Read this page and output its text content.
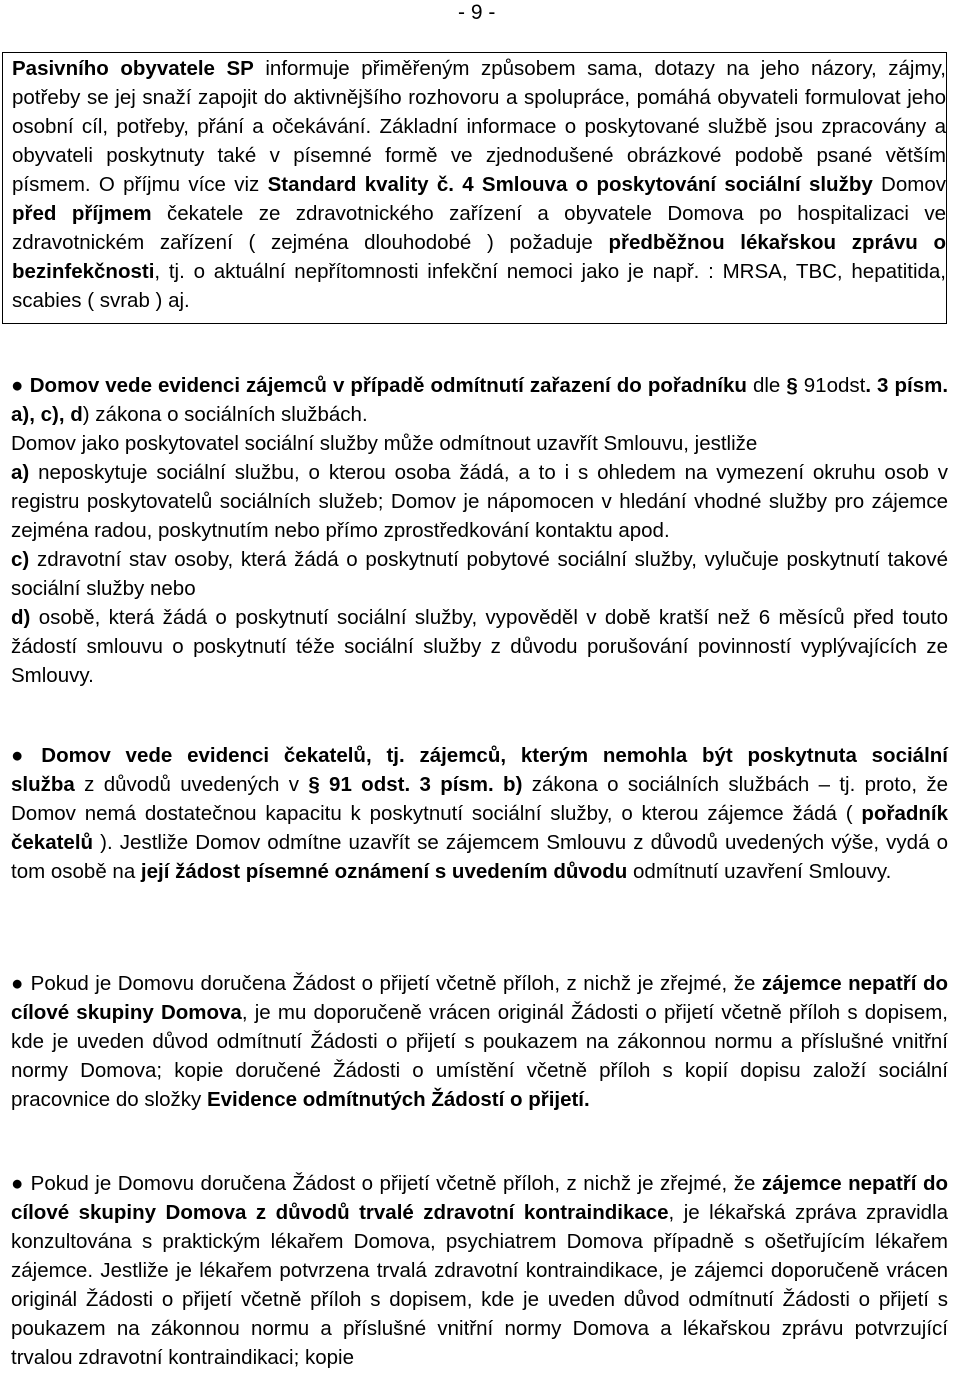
- 9 -

Pasivního obyvatele SP informuje přiměřeným způsobem sama, dotazy na jeho názory, zájmy, potřeby se jej snaží zapojit do aktivnějšího rozhovoru a spolupráce, pomáhá obyvateli formulovat jeho osobní cíl, potřeby, přání a očekávání. Základní informace o poskytované službě jsou zpracovány a obyvateli poskytnuty také v písemné formě ve zjednodušené obrázkové podobě psané větším písmem. O příjmu více viz Standard kvality č. 4 Smlouva o poskytování sociální služby Domov před příjmem čekatele ze zdravotnického zařízení a obyvatele Domova po hospitalizaci ve zdravotnickém zařízení ( zejména dlouhodobé ) požaduje předběžnou lékařskou zprávu o bezinfekčnosti, tj. o aktuální nepřítomnosti infekční nemoci jako je např. : MRSA, TBC, hepatitida, scabies ( svrab ) aj.

● Domov vede evidenci zájemců v případě odmítnutí zařazení do pořadníku dle § 91odst. 3 písm. a), c), d) zákona o sociálních službách.

Domov jako poskytovatel sociální služby může odmítnout uzavřít Smlouvu, jestliže

a) neposkytuje sociální službu, o kterou osoba žádá, a to i s ohledem na vymezení okruhu osob v registru poskytovatelů sociálních služeb; Domov je nápomocen v hledání vhodné služby pro zájemce zejména radou, poskytnutím nebo přímo zprostředkování kontaktu apod.

c) zdravotní stav osoby, která žádá o poskytnutí pobytové sociální služby, vylučuje poskytnutí takové sociální služby nebo

d) osobě, která žádá o poskytnutí sociální služby, vypověděl v době kratší než 6 měsíců před touto žádostí smlouvu o poskytnutí téže sociální služby z důvodu porušování povinností vyplývajících ze Smlouvy.

● Domov vede evidenci čekatelů, tj. zájemců, kterým nemohla být poskytnuta sociální služba z důvodů uvedených v § 91 odst. 3 písm. b) zákona o sociálních službách – tj. proto, že Domov nemá dostatečnou kapacitu k poskytnutí sociální služby, o kterou zájemce žádá ( pořadník čekatelů ). Jestliže Domov odmítne uzavřít se zájemcem Smlouvu z důvodů uvedených výše, vydá o tom osobě na její žádost písemné oznámení s uvedením důvodu odmítnutí uzavření Smlouvy.

● Pokud je Domovu doručena Žádost o přijetí včetně příloh, z nichž je zřejmé, že zájemce nepatří do cílové skupiny Domova, je mu doporučeně vrácen originál Žádosti o přijetí včetně příloh s dopisem, kde je uveden důvod odmítnutí Žádosti o přijetí s poukazem na zákonnou normu a příslušné vnitřní normy Domova; kopie doručené Žádosti o umístění včetně příloh s kopií dopisu založí sociální pracovnice do složky Evidence odmítnutých Žádostí o přijetí.

● Pokud je Domovu doručena Žádost o přijetí včetně příloh, z nichž je zřejmé, že zájemce nepatří do cílové skupiny Domova z důvodů trvalé zdravotní kontraindikace, je lékařská zpráva zpravidla konzultována s praktickým lékařem Domova, psychiatrem Domova případně s ošetřujícím lékařem zájemce. Jestliže je lékařem potvrzena trvalá zdravotní kontraindikace, je zájemci doporučeně vrácen originál Žádosti o přijetí včetně příloh s dopisem, kde je uveden důvod odmítnutí Žádosti o přijetí s poukazem na zákonnou normu a příslušné vnitřní normy Domova a lékařskou zprávu potvrzující trvalou zdravotní kontraindikaci; kopie
